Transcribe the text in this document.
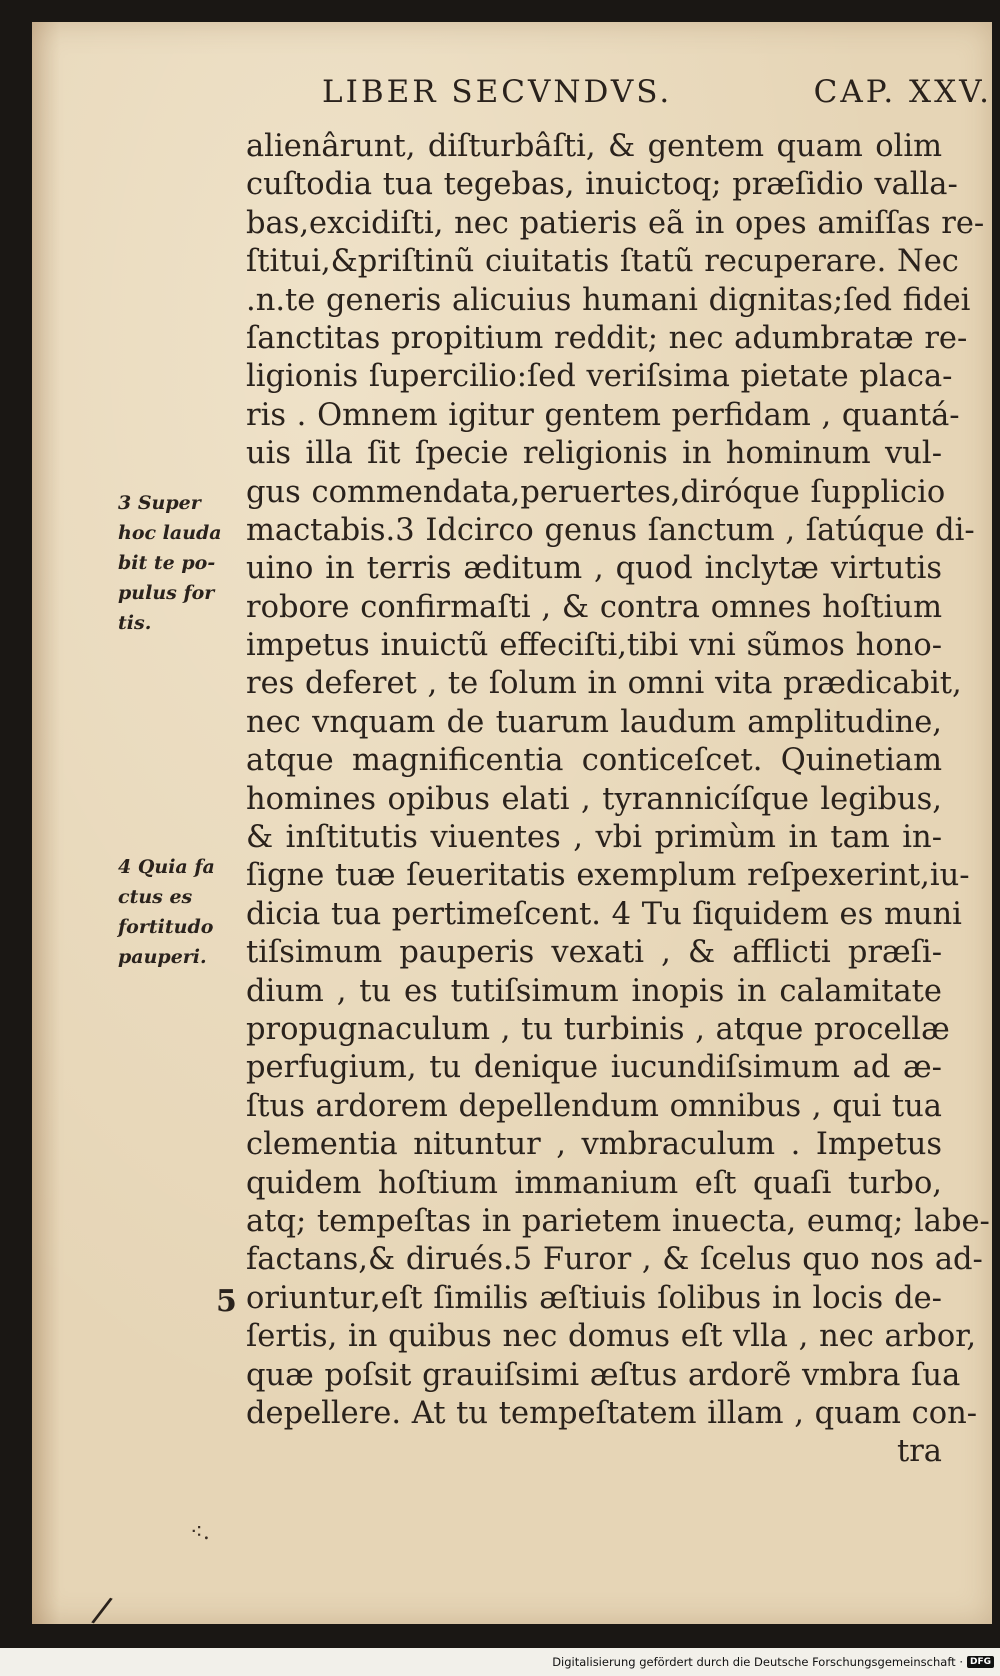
LIBER SECVNDVS.	CAP. XXV.
alienârunt, diſturbâſti, & gentem quam olim
cuſtodia tua tegebas, inuictoq; præſidio valla-
bas,excidiſti, nec patieris eã in opes amiſſas re-
ſtitui,&priſtinũ ciuitatis ſtatũ recuperare. Nec
.n.te generis alicuius humani dignitas;ſed fidei
ſanctitas propitium reddit; nec adumbratæ re-
ligionis ſupercilio:ſed veriſsima pietate placa-
ris . Omnem igitur gentem perfidam , quantá-
uis illa ſit ſpecie religionis in hominum vul-
gus commendata,peruertes,diróque ſupplicio
mactabis.3 Idcirco genus ſanctum , ſatúque di-
uino in terris æditum , quod inclytæ virtutis
robore confirmaſti , & contra omnes hoſtium
impetus inuictũ effeciſti,tibi vni sũmos hono-
res deferet , te ſolum in omni vita prædicabit,
nec vnquam de tuarum laudum amplitudine,
atque magnificentia conticeſcet. Quinetiam
homines opibus elati , tyrannicíſque legibus,
& inſtitutis viuentes , vbi primùm in tam in-
ſigne tuæ ſeueritatis exemplum reſpexerint,iu-
dicia tua pertimeſcent. 4 Tu ſiquidem es muni
tiſsimum pauperis vexati , & afflicti præſi-
dium , tu es tutiſsimum inopis in calamitate
propugnaculum , tu turbinis , atque procellæ
perfugium, tu denique iucundiſsimum ad æ-
ſtus ardorem depellendum omnibus , qui tua
clementia nituntur , vmbraculum . Impetus
quidem hoſtium immanium eſt quaſi turbo,
atq; tempeſtas in parietem inuecta, eumq; labe-
factans,& dirués.5 Furor , & ſcelus quo nos ad-
oriuntur,eſt ſimilis æſtiuis ſolibus in locis de-
ſertis, in quibus nec domus eſt vlla , nec arbor,
quæ poſsit grauiſsimi æſtus ardorẽ vmbra ſua
depellere. At tu tempeſtatem illam , quam con-
tra
3 Super
hoc lauda
bit te po-
pulus for
tis.
4 Quia fa
ctus es
fortitudo
pauperi.
5
⁖.
/
Digitalisierung gefördert durch die Deutsche Forschungsgemeinschaft · DFG
